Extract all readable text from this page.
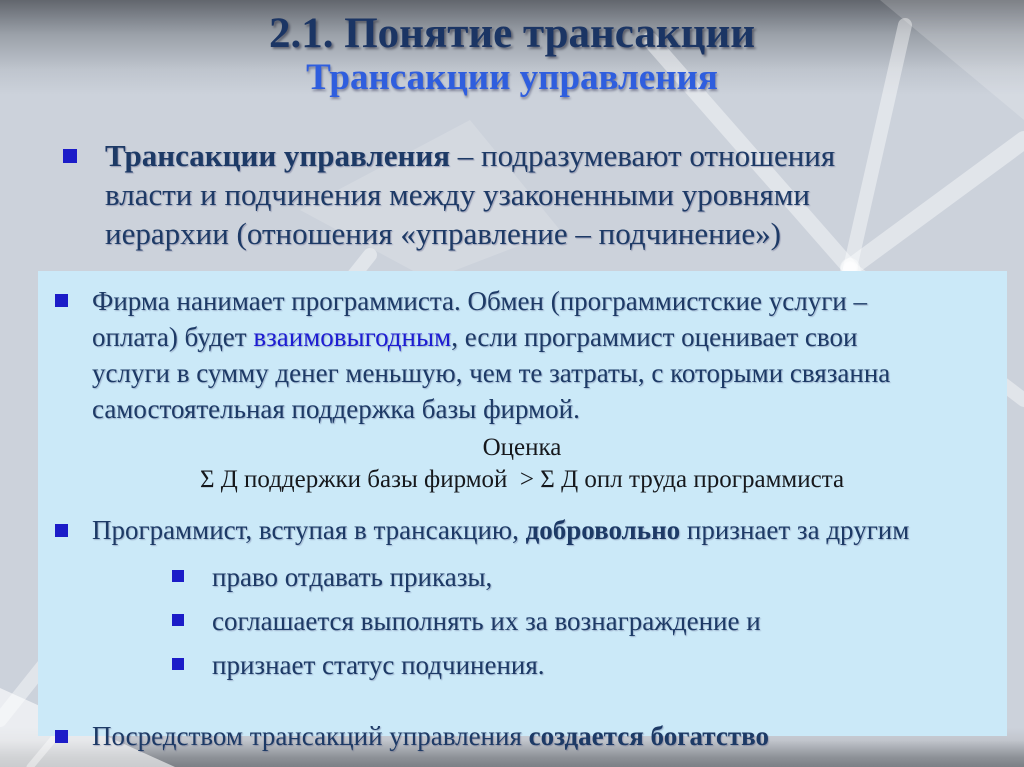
2.1. Понятие трансакции
Трансакции управления
Трансакции управления – подразумевают отношения
власти и подчинения между узаконенными уровнями
иерархии (отношения «управление – подчинение»)
Фирма нанимает программиста. Обмен (программистские услуги –
оплата) будет взаимовыгодным, если программист оценивает свои
услуги в сумму денег меньшую, чем те затраты, с которыми связанна
самостоятельная поддержка базы фирмой.
Оценка
Σ Д поддержки базы фирмой  > Σ Д опл труда программиста
Программист, вступая в трансакцию, добровольно признает за другим
право отдавать приказы,
соглашается выполнять их за вознаграждение и
признает статус подчинения.
Посредством трансакций управления создается богатство
